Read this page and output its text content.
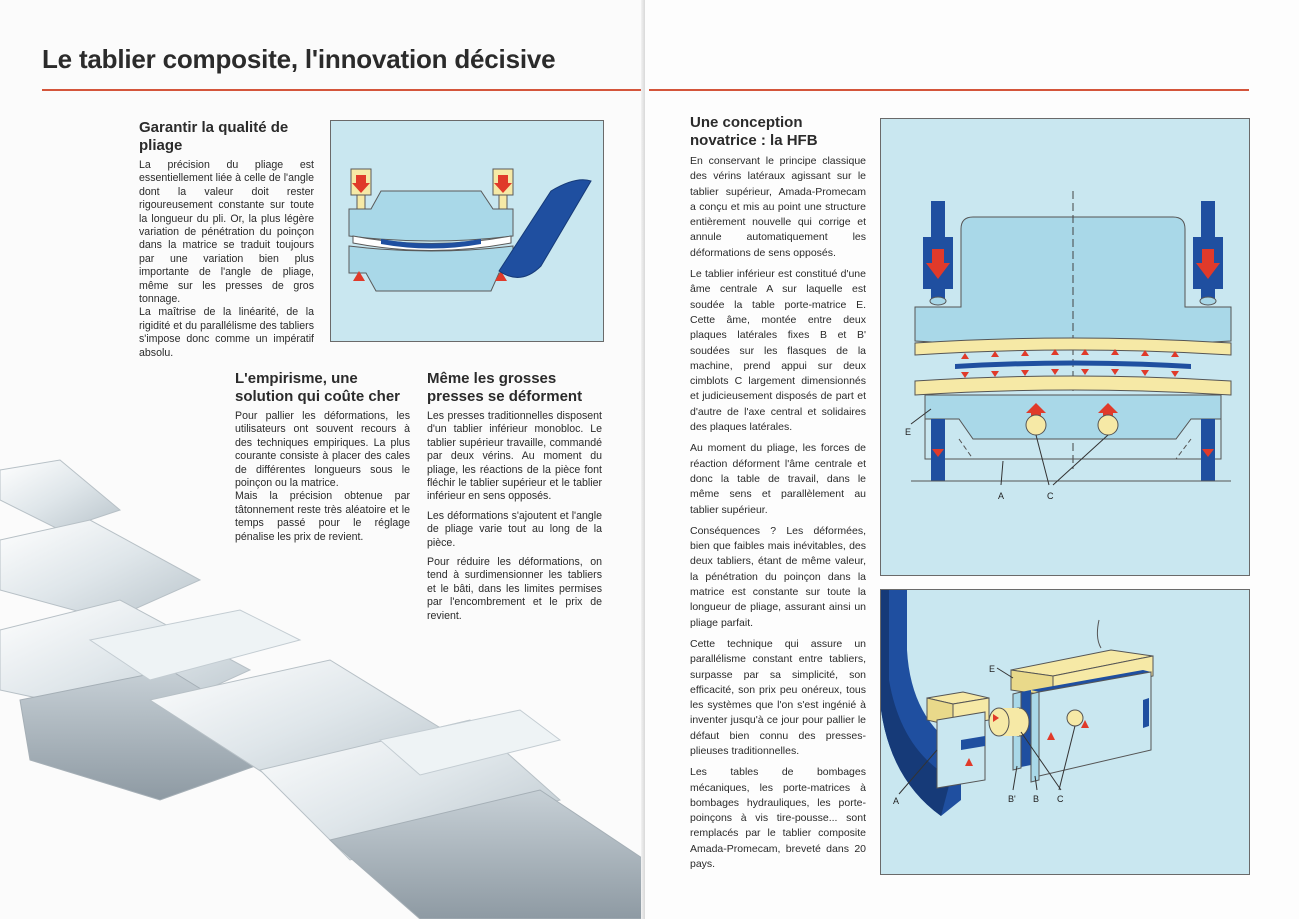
Le tablier composite, l'innovation décisive
Garantir la qualité de pliage

La précision du pliage est essentiellement liée à celle de l'angle dont la valeur doit rester rigoureusement constante sur toute la longueur du pli. Or, la plus légère variation de pénétration du poinçon dans la matrice se traduit toujours par une variation bien plus importante de l'angle de pliage, même sur les presses de gros tonnage.

La maîtrise de la linéarité, de la rigidité et du parallélisme des tabliers s'impose donc comme un impératif absolu.

L'empirisme, une solution qui coûte cher

Pour pallier les déformations, les utilisateurs ont souvent recours à des techniques empiriques. La plus courante consiste à placer des cales de différentes longueurs sous le poinçon ou la matrice.

Mais la précision obtenue par tâtonnement reste très aléatoire et le temps passé pour le réglage pénalise les prix de revient.

Même les grosses presses se déforment

Les presses traditionnelles disposent d'un tablier inférieur monobloc. Le tablier supérieur travaille, commandé par deux vérins. Au moment du pliage, les réactions de la pièce font fléchir le tablier supérieur et le tablier inférieur en sens opposés.

Les déformations s'ajoutent et l'angle de pliage varie tout au long de la pièce.

Pour réduire les déformations, on tend à surdimensionner les tabliers et le bâti, dans les limites permises par l'encombrement et le prix de revient.

Une conception novatrice : la HFB

En conservant le principe classique des vérins latéraux agissant sur le tablier supérieur, Amada-Promecam a conçu et mis au point une structure entièrement nouvelle qui corrige et annule automatiquement les déformations de sens opposés.

Le tablier inférieur est constitué d'une âme centrale A sur laquelle est soudée la table porte-matrice E. Cette âme, montée entre deux plaques latérales fixes B et B' soudées sur les flasques de la machine, prend appui sur deux cimblots C largement dimensionnés et judicieusement disposés de part et d'autre de l'axe central et solidaires des plaques latérales.

Au moment du pliage, les forces de réaction déforment l'âme centrale et donc la table de travail, dans le même sens et parallèlement au tablier supérieur.

Conséquences ? Les déformées, bien que faibles mais inévitables, des deux tabliers, étant de même valeur, la pénétration du poinçon dans la matrice est constante sur toute la longueur de pliage, assurant ainsi un pliage parfait.

Cette technique qui assure un parallélisme constant entre tabliers, surpasse par sa simplicité, son efficacité, son prix peu onéreux, tous les systèmes que l'on s'est ingénié à inventer jusqu'à ce jour pour pallier le défaut bien connu des presses-plieuses traditionnelles.

Les tables de bombages mécaniques, les porte-matrices à bombages hydrauliques, les porte-poinçons à vis tire-pousse... sont remplacés par le tablier composite Amada-Promecam, breveté dans 20 pays.

E
A	C
E
A	B' B C
